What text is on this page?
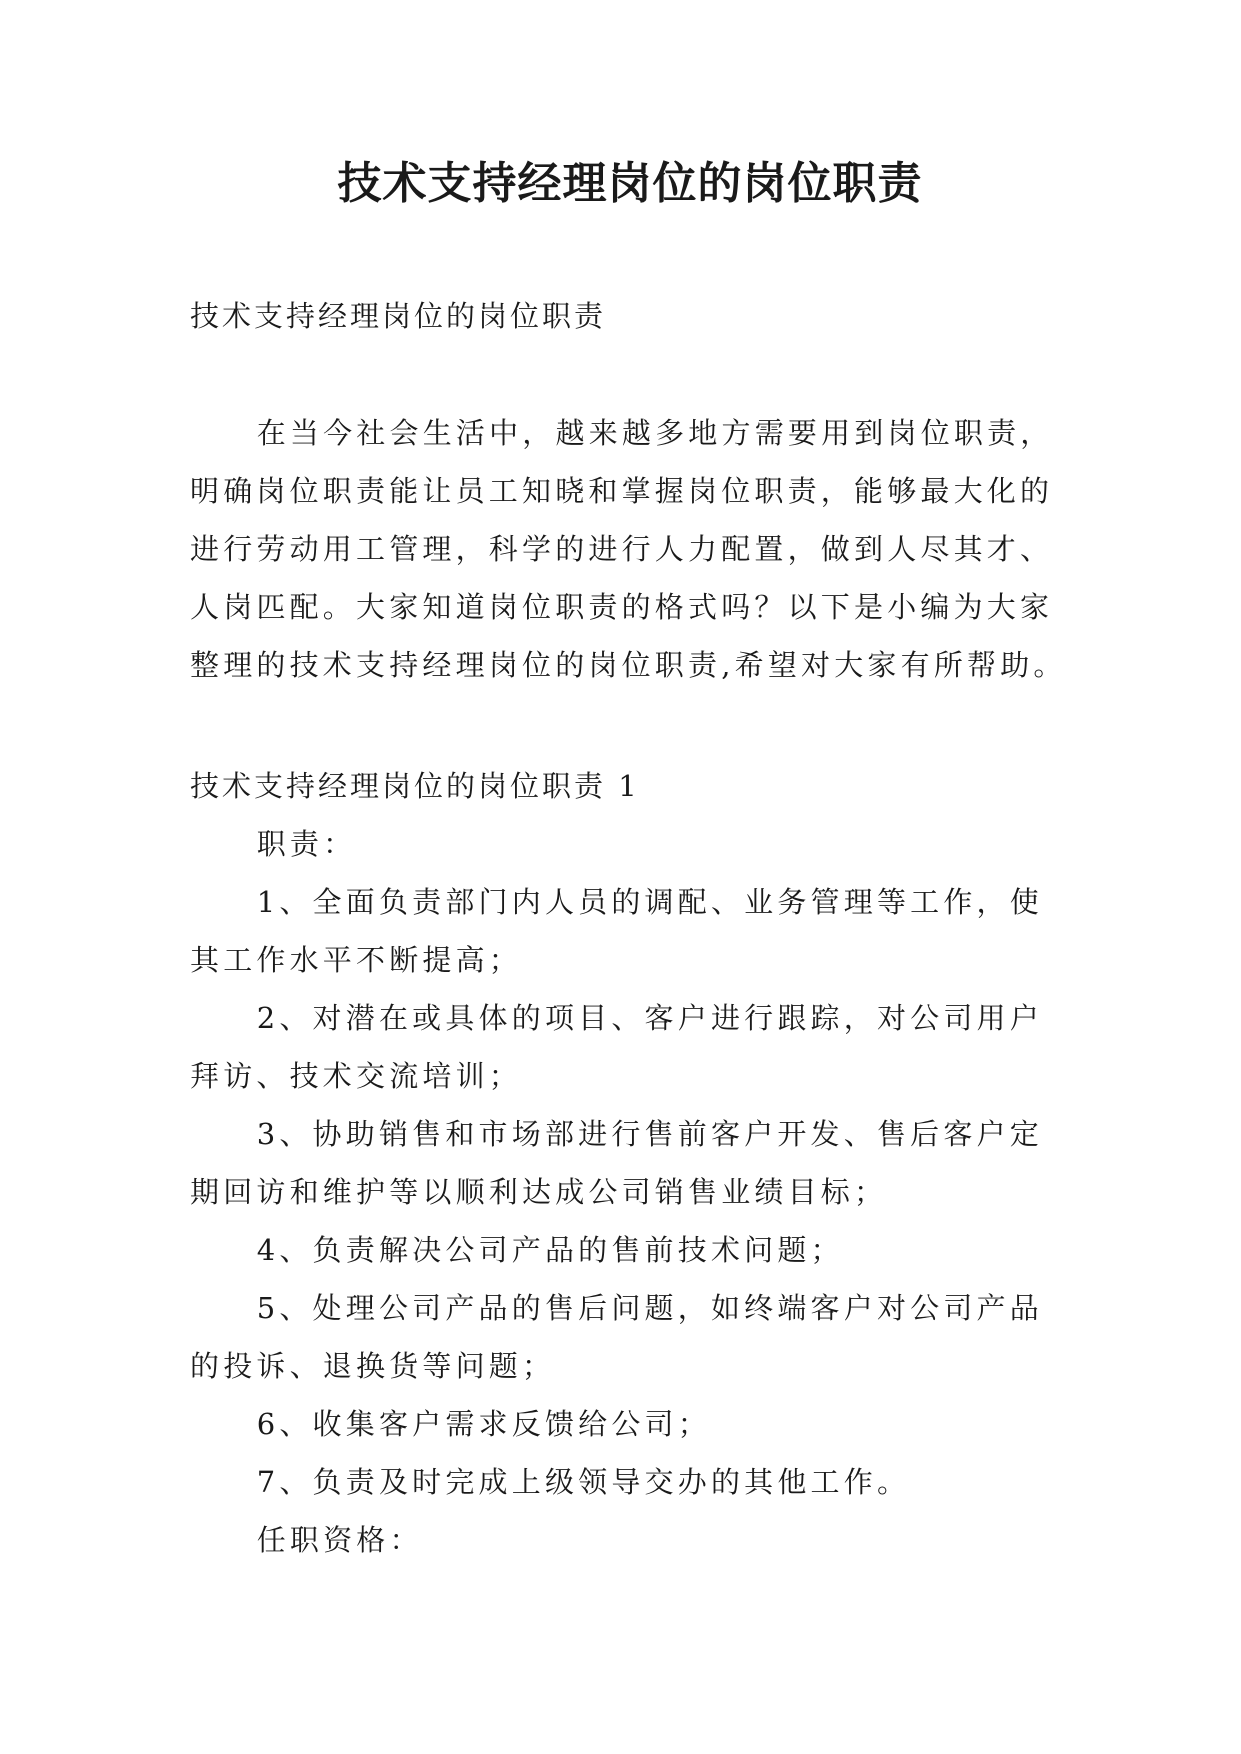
技术支持经理岗位的岗位职责

技术支持经理岗位的岗位职责

在当今社会生活中，越来越多地方需要用到岗位职责，明确岗位职责能让员工知晓和掌握岗位职责，能够最大化的进行劳动用工管理，科学的进行人力配置，做到人尽其才、人岗匹配。大家知道岗位职责的格式吗？以下是小编为大家整理的技术支持经理岗位的岗位职责,希望对大家有所帮助。

技术支持经理岗位的岗位职责 1

职责：

1、全面负责部门内人员的调配、业务管理等工作，使其工作水平不断提高；

2、对潜在或具体的项目、客户进行跟踪，对公司用户拜访、技术交流培训；

3、协助销售和市场部进行售前客户开发、售后客户定期回访和维护等以顺利达成公司销售业绩目标；

4、负责解决公司产品的售前技术问题；

5、处理公司产品的售后问题，如终端客户对公司产品的投诉、退换货等问题；

6、收集客户需求反馈给公司；

7、负责及时完成上级领导交办的其他工作。

任职资格：
